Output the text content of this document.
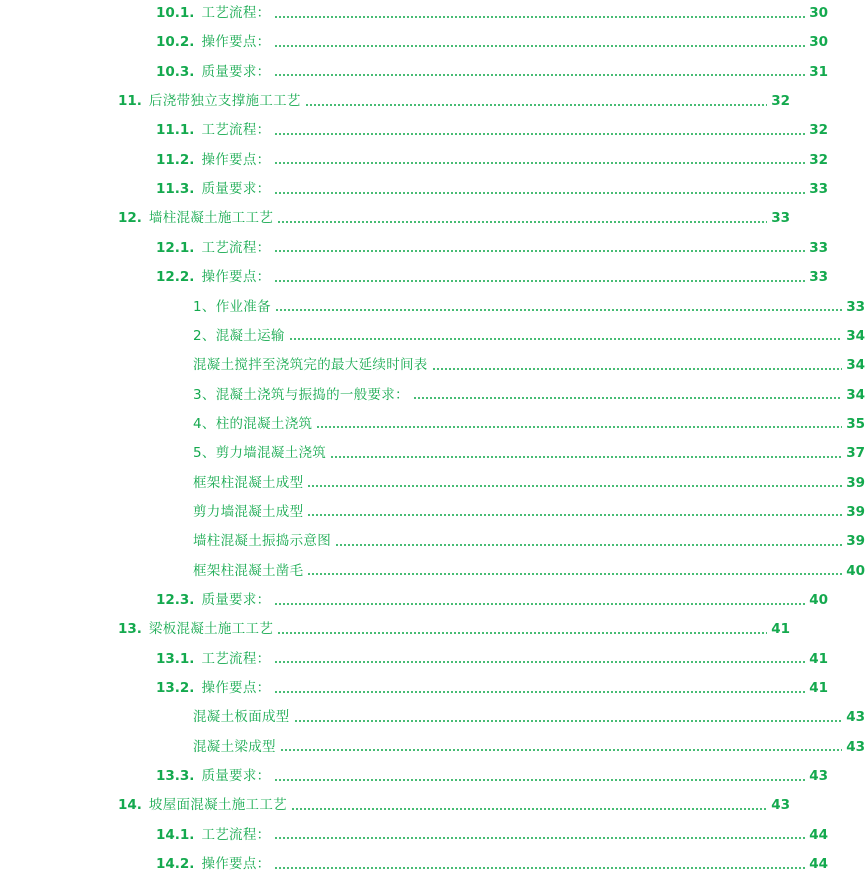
10.1. 工艺流程：	30
10.2. 操作要点：	30
10.3. 质量要求：	31
11. 后浇带独立支撑施工工艺	32
11.1. 工艺流程：	32
11.2. 操作要点：	32
11.3. 质量要求：	33
12. 墙柱混凝土施工工艺	33
12.1. 工艺流程：	33
12.2. 操作要点：	33
1、作业准备	33
2、混凝土运输	34
混凝土搅拌至浇筑完的最大延续时间表	34
3、混凝土浇筑与振捣的一般要求：	34
4、柱的混凝土浇筑	35
5、剪力墙混凝土浇筑	37
框架柱混凝土成型	39
剪力墙混凝土成型	39
墙柱混凝土振捣示意图	39
框架柱混凝土凿毛	40
12.3. 质量要求：	40
13. 梁板混凝土施工工艺	41
13.1. 工艺流程：	41
13.2. 操作要点：	41
混凝土板面成型	43
混凝土梁成型	43
13.3. 质量要求：	43
14. 坡屋面混凝土施工工艺	43
14.1. 工艺流程：	44
14.2. 操作要点：	44
